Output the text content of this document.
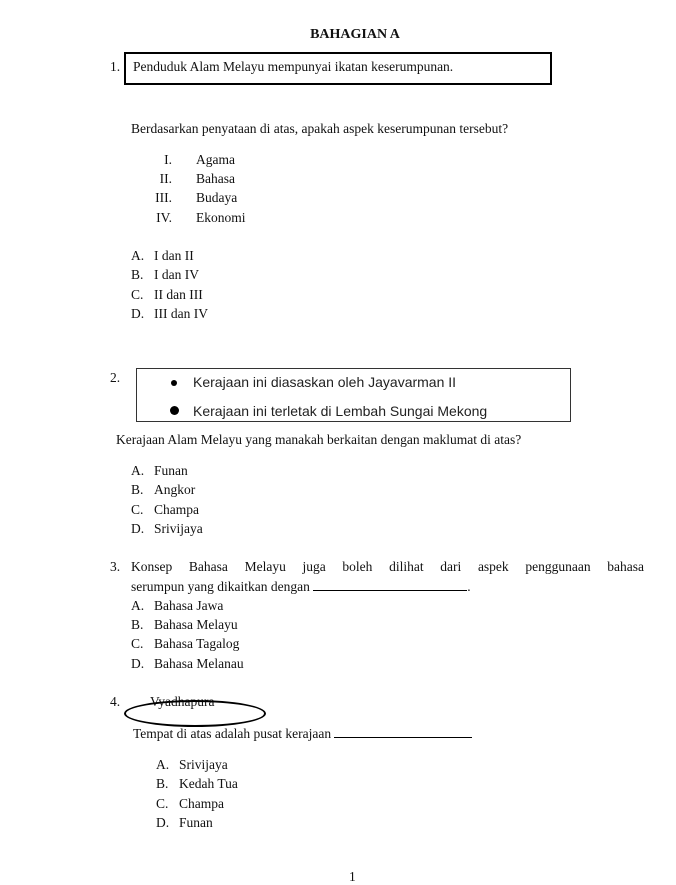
BAHAGIAN A
1. Penduduk Alam Melayu mempunyai ikatan keserumpunan.
Berdasarkan penyataan di atas, apakah aspek keserumpunan tersebut?
I. Agama
II. Bahasa
III. Budaya
IV. Ekonomi
A. I dan II
B. I dan IV
C. II dan III
D. III dan IV
2.	Kerajaan ini diasaskan oleh Jayavarman II
Kerajaan ini terletak di Lembah Sungai Mekong
Kerajaan Alam Melayu yang manakah berkaitan dengan maklumat di atas?
A. Funan
B. Angkor
C. Champa
D. Srivijaya
3. Konsep Bahasa Melayu juga boleh dilihat dari aspek penggunaan bahasa
serumpun yang dikaitkan dengan	.
A. Bahasa Jawa
B. Bahasa Melayu
C. Bahasa Tagalog
D. Bahasa Melanau
4. Vyadhapura
Tempat di atas adalah pusat kerajaan
A. Srivijaya
B. Kedah Tua
C. Champa
D. Funan
1
